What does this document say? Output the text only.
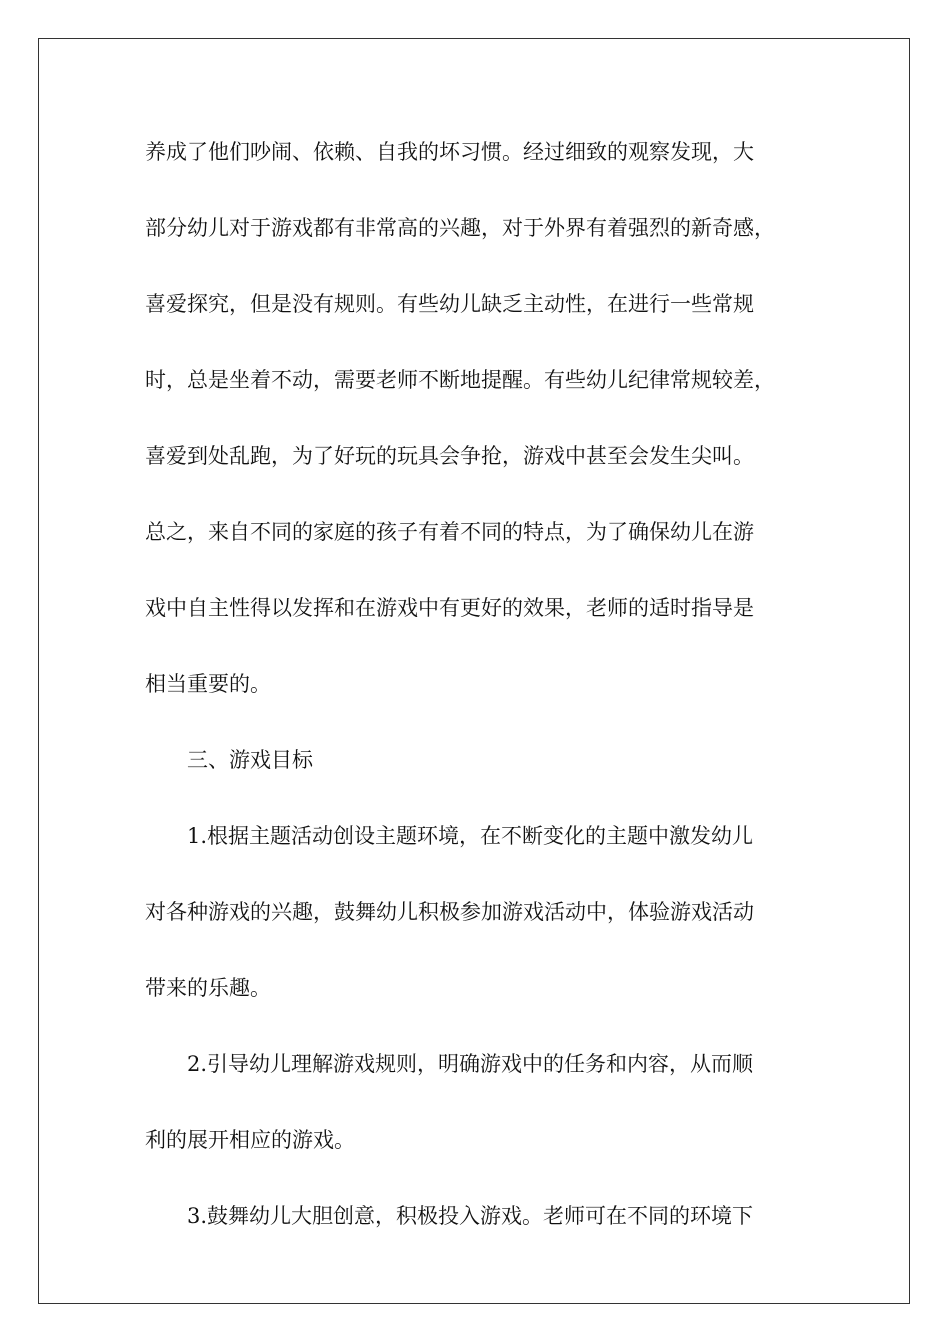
养成了他们吵闹、依赖、自我的坏习惯。经过细致的观察发现，大

部分幼儿对于游戏都有非常高的兴趣，对于外界有着强烈的新奇感，

喜爱探究，但是没有规则。有些幼儿缺乏主动性，在进行一些常规

时，总是坐着不动，需要老师不断地提醒。有些幼儿纪律常规较差，

喜爱到处乱跑，为了好玩的玩具会争抢，游戏中甚至会发生尖叫。

总之，来自不同的家庭的孩子有着不同的特点，为了确保幼儿在游

戏中自主性得以发挥和在游戏中有更好的效果，老师的适时指导是

相当重要的。

三、游戏目标

1.根据主题活动创设主题环境，在不断变化的主题中激发幼儿

对各种游戏的兴趣，鼓舞幼儿积极参加游戏活动中，体验游戏活动

带来的乐趣。

2.引导幼儿理解游戏规则，明确游戏中的任务和内容，从而顺

利的展开相应的游戏。

3.鼓舞幼儿大胆创意，积极投入游戏。老师可在不同的环境下
